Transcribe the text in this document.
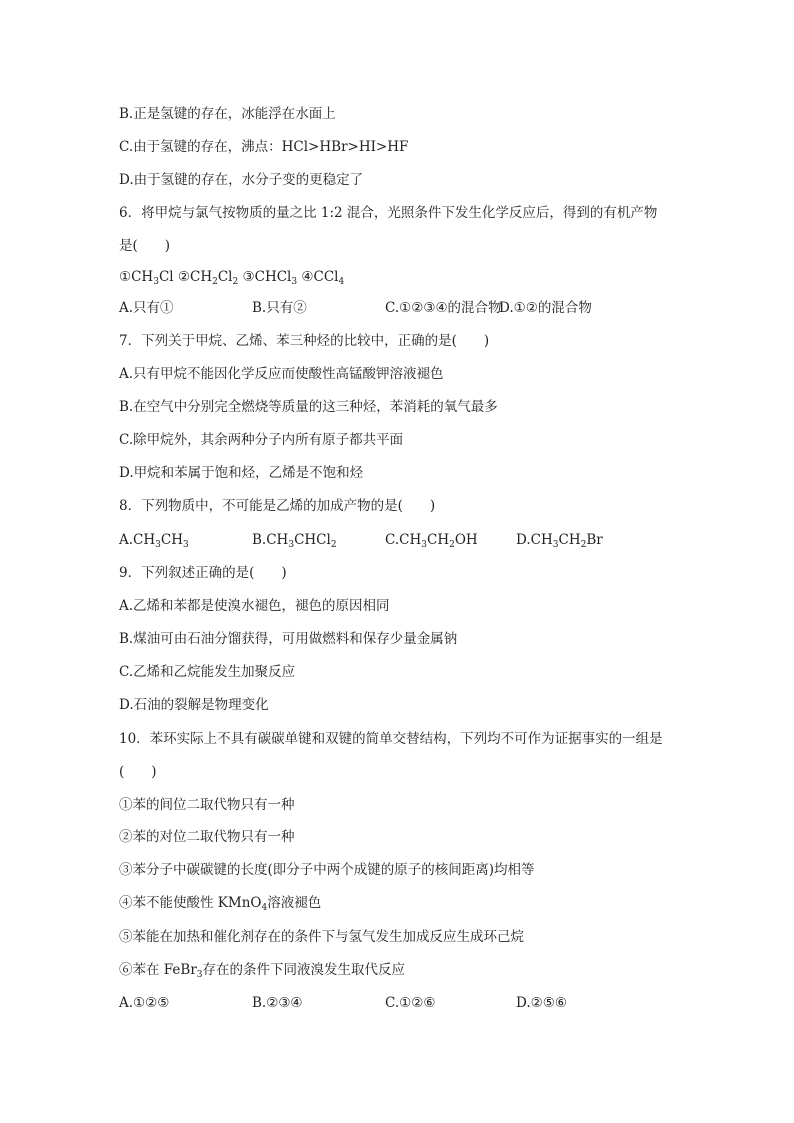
B.正是氢键的存在，冰能浮在水面上
C.由于氢键的存在，沸点：HCl>HBr>HI>HF
D.由于氢键的存在，水分子变的更稳定了
6．将甲烷与氯气按物质的量之比 1:2 混合，光照条件下发生化学反应后，得到的有机产物
是(　　)
$①CH_3Cl$ $②CH_2Cl_2$ ③CHCl$_3$ ④CCl$_4$

A.只有①

	B.只有②

	C.①②③④的混合物

D.①②的混合物

7．下列关于甲烷、乙烯、苯三种烃的比较中，正确的是(　　)
A.只有甲烷不能因化学反应而使酸性高锰酸钾溶液褪色
B.在空气中分别完全燃烧等质量的这三种烃，苯消耗的氧气最多
C.除甲烷外，其余两种分子内所有原子都共平面
D.甲烷和苯属于饱和烃，乙烯是不饱和烃
8．下列物质中，不可能是乙烯的加成产物的是(　　)

$A.CH_3CH_3$

	$B.CH_3CHCl_2$

	$C.CH_3CH_2OH$

	$D.CH_3CH_2Br$

9．下列叙述正确的是(　　)
A.乙烯和苯都是使溴水褪色，褪色的原因相同
B.煤油可由石油分馏获得，可用做燃料和保存少量金属钠
C.乙烯和乙烷能发生加聚反应
D.石油的裂解是物理变化
10．苯环实际上不具有碳碳单键和双键的简单交替结构，下列均不可作为证据事实的一组是
(　　)
①苯的间位二取代物只有一种
②苯的对位二取代物只有一种
③苯分子中碳碳键的长度(即分子中两个成键的原子的核间距离)均相等
④苯不能使酸性 KMnO$_4$溶液褪色
⑤苯能在加热和催化剂存在的条件下与氢气发生加成反应生成环己烷
⑥苯在 FeBr$_3$存在的条件下同液溴发生取代反应

A.①②⑤

	B.②③④

	C.①②⑥

	D.②⑤⑥
